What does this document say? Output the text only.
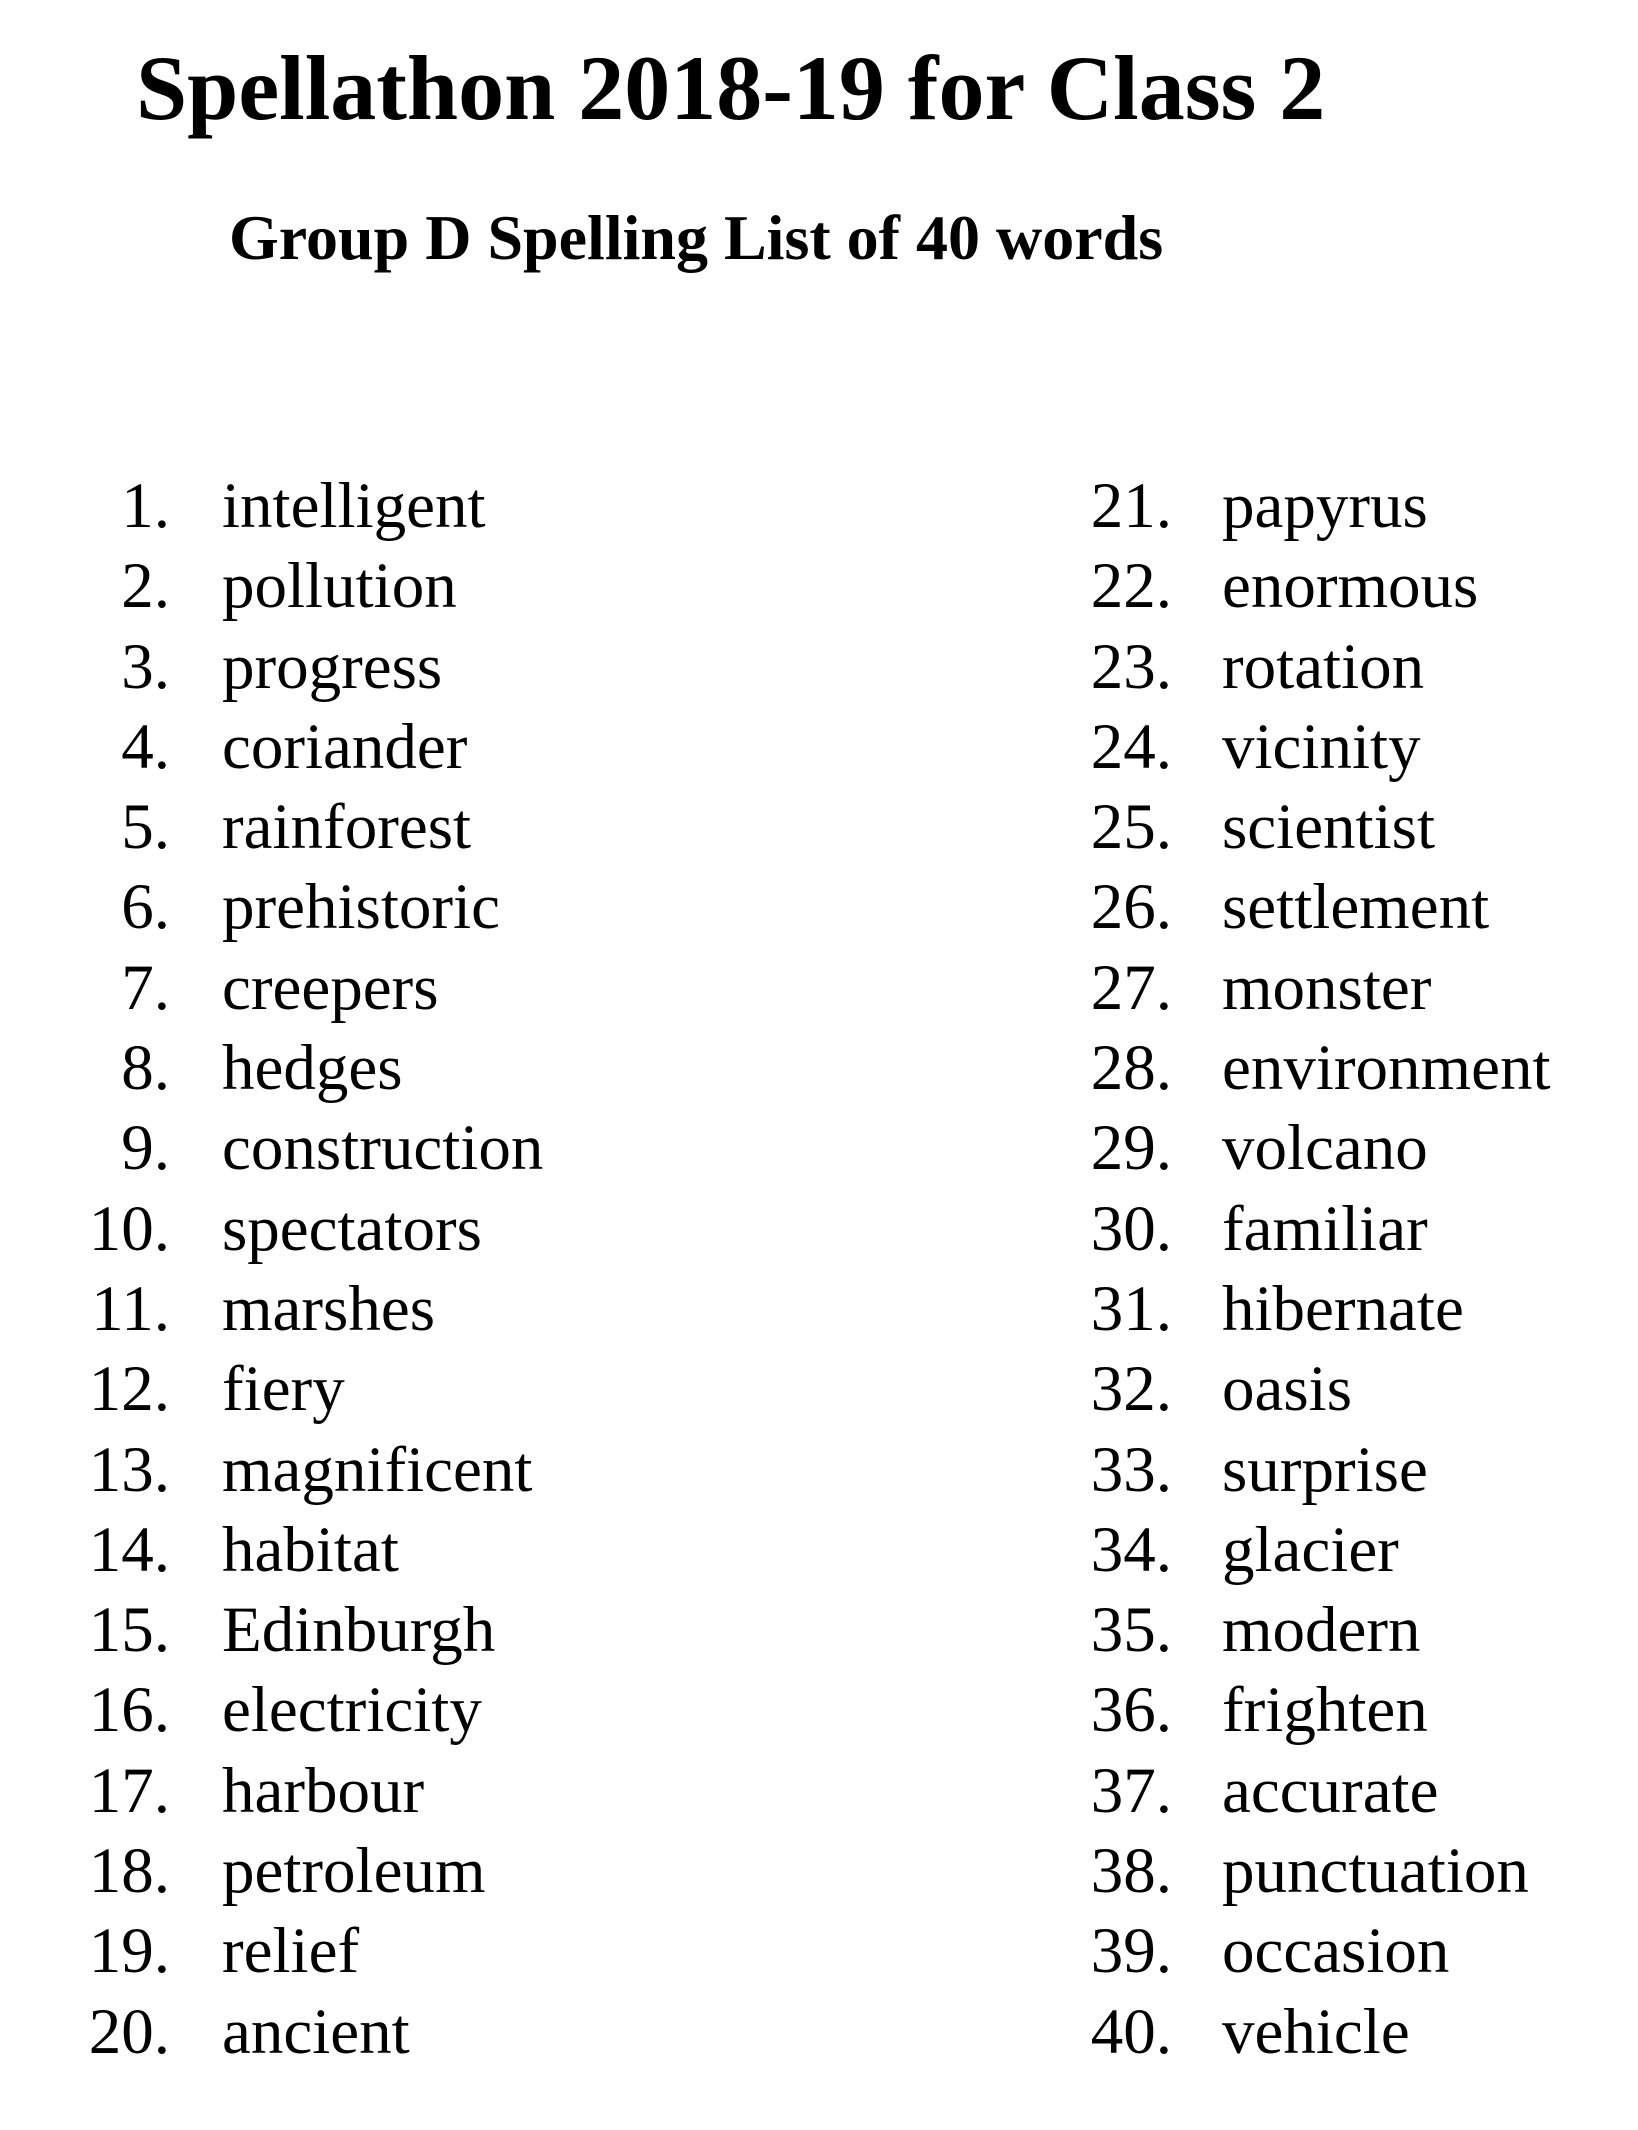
Spellathon 2018-19 for Class 2
Group D Spelling List of 40 words
1. intelligent
2. pollution
3. progress
4. coriander
5. rainforest
6. prehistoric
7. creepers
8. hedges
9. construction
10. spectators
11. marshes
12. fiery
13. magnificent
14. habitat
15. Edinburgh
16. electricity
17. harbour
18. petroleum
19. relief
20. ancient
21. papyrus
22. enormous
23. rotation
24. vicinity
25. scientist
26. settlement
27. monster
28. environment
29. volcano
30. familiar
31. hibernate
32. oasis
33. surprise
34. glacier
35. modern
36. frighten
37. accurate
38. punctuation
39. occasion
40. vehicle
